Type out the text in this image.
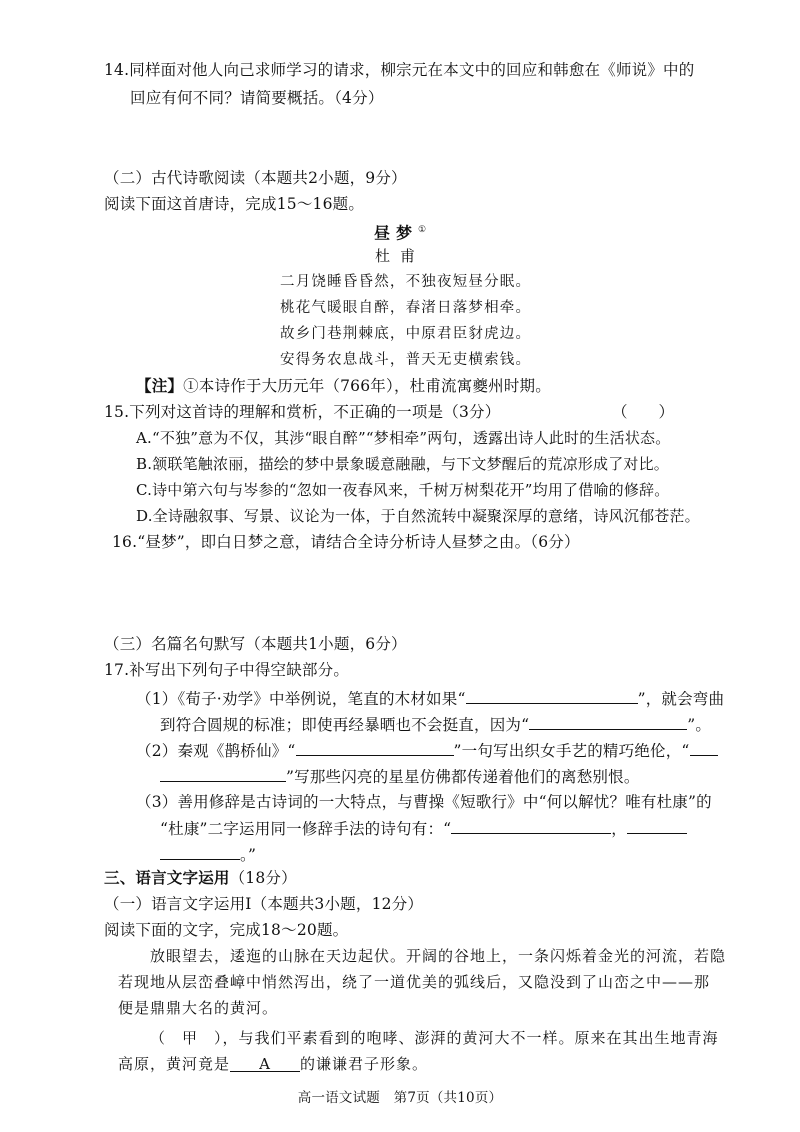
14.同样面对他人向己求师学习的请求，柳宗元在本文中的回应和韩愈在《师说》中的
回应有何不同？请简要概括。（4分）
（二）古代诗歌阅读（本题共2小题，9分）
阅读下面这首唐诗，完成15～16题。
昼梦①
杜甫
二月饶睡昏昏然，不独夜短昼分眠。
桃花气暖眼自醉，春渚日落梦相牵。
故乡门巷荆棘底，中原君臣豺虎边。
安得务农息战斗，普天无吏横索钱。
【注】①本诗作于大历元年（766年），杜甫流寓夔州时期。
15.下列对这首诗的理解和赏析，不正确的一项是（3分）	（　　）
A.“不独”意为不仅，其涉“眼自醉”“梦相牵”两句，透露出诗人此时的生活状态。
B.颔联笔触浓丽，描绘的梦中景象暖意融融，与下文梦醒后的荒凉形成了对比。
C.诗中第六句与岑参的“忽如一夜春风来，千树万树梨花开”均用了借喻的修辞。
D.全诗融叙事、写景、议论为一体，于自然流转中凝聚深厚的意绪，诗风沉郁苍茫。
16.“昼梦”，即白日梦之意，请结合全诗分析诗人昼梦之由。（6分）
（三）名篇名句默写（本题共1小题，6分）
17.补写出下列句子中得空缺部分。
（1）《荀子·劝学》中举例说，笔直的木材如果“	”，就会弯曲
到符合圆规的标准；即使再经暴晒也不会挺直，因为“	”。
（2）秦观《鹊桥仙》“	”一句写出织女手艺的精巧绝伦，“
”写那些闪亮的星星仿佛都传递着他们的离愁别恨。
（3）善用修辞是古诗词的一大特点，与曹操《短歌行》中“何以解忧？唯有杜康”的
“杜康”二字运用同一修辞手法的诗句有：“	，
。”
三、语言文字运用（18分）
（一）语言文字运用Ⅰ（本题共3小题，12分）
阅读下面的文字，完成18～20题。
放眼望去，逶迤的山脉在天边起伏。开阔的谷地上，一条闪烁着金光的河流，若隐
若现地从层峦叠嶂中悄然泻出，绕了一道优美的弧线后，又隐没到了山峦之中——那
便是鼎鼎大名的黄河。
（　甲　），与我们平素看到的咆哮、澎湃的黄河大不一样。原来在其出生地青海
高原，黄河竟是 A 的谦谦君子形象。
高一语文试题　第7页（共10页）
